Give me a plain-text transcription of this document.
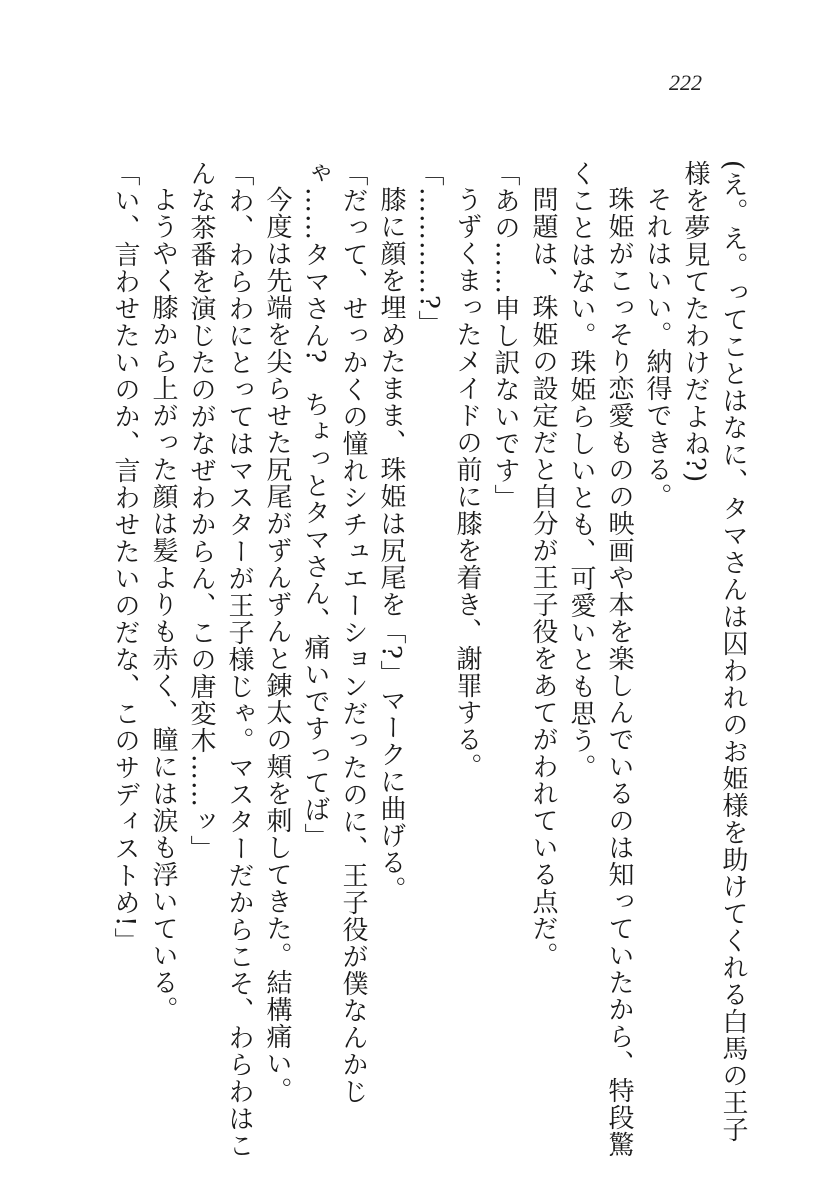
222

(え。え。ってことはなに、タマさんは囚われのお姫様を助けてくれる白馬の王子様を夢見てたわけだよね?)

それはいい。納得できる。

珠姫がこっそり恋愛ものの映画や本を楽しんでいるのは知っていたから、特段驚くことはない。珠姫らしいとも、可愛いとも思う。

問題は、珠姫の設定だと自分が王子役をあてがわれている点だ。

「あの……申し訳ないです」

うずくまったメイドの前に膝を着き、謝罪する。

「…………?」

膝に顔を埋めたまま、珠姫は尻尾を「?」マークに曲げる。

「だって、せっかくの憧れシチュエーションだったのに、王子役が僕なんかじゃ……タマさん?　ちょっとタマさん、痛いですってば」

今度は先端を尖らせた尻尾がずんずんと錬太の頬を刺してきた。結構痛い。

「わ、わらわにとってはマスターが王子様じゃ。マスターだからこそ、わらわはこんな茶番を演じたのがなぜわからん、この唐変木……ッ」

ようやく膝から上がった顔は髪よりも赤く、瞳には涙も浮いている。

「い、言わせたいのか、言わせたいのだな、このサディストめ!」
